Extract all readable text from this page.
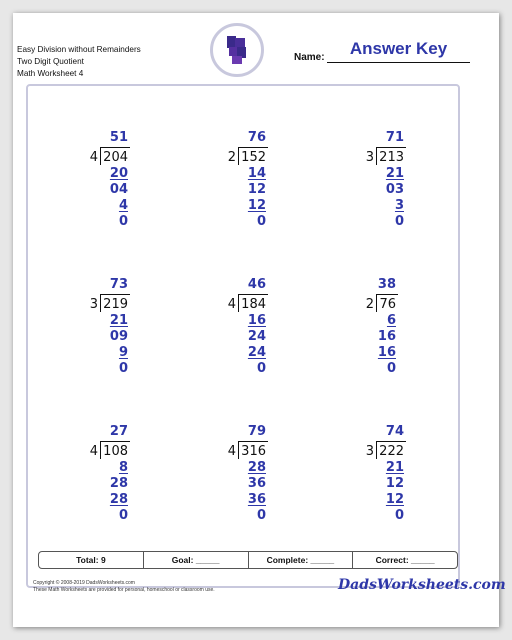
Easy Division without Remainders
Two Digit Quotient
Math Worksheet 4
Name:	Answer Key
51
4 204
20
04
4
0
76
2 152
14
12
12
0
71
3 213
21
03
3
0
73
3 219
21
09
9
0
46
4 184
16
24
24
0
38
2 76
6
16
16
0
27
4 108
8
28
28
0
79
4 316
28
36
36
0
74
3 222
21
12
12
0
Total: 9	Goal: _____	Complete: _____	Correct: _____
Copyright © 2008-2019 DadsWorksheets.com
These Math Worksheets are provided for personal, homeschool or classroom use.	DadsWorksheets.com
